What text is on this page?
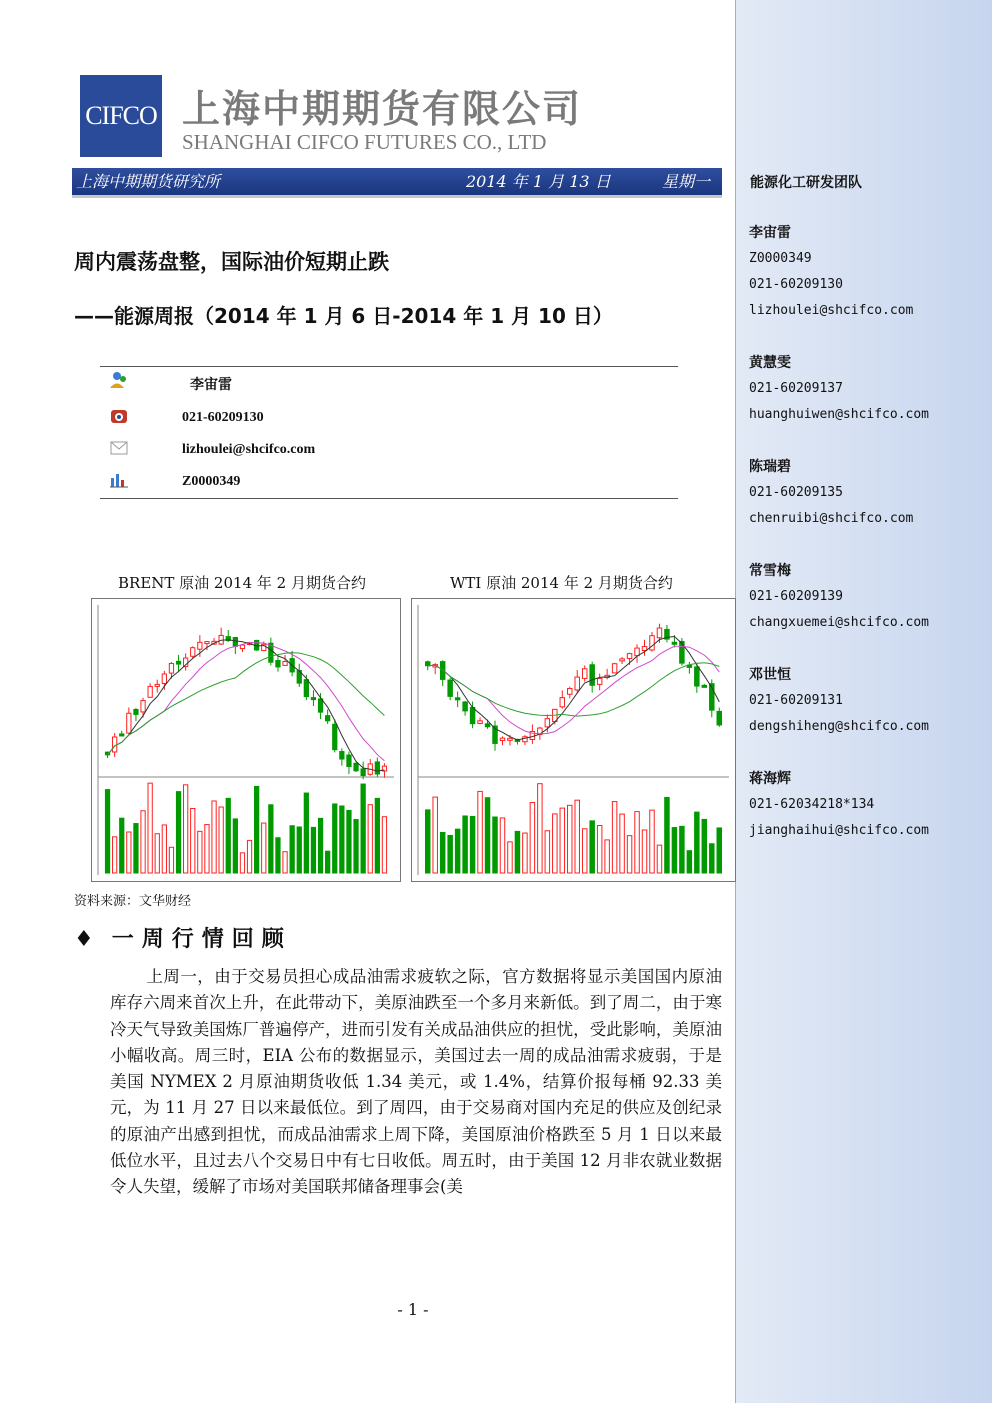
能源化工研发团队
李宙雷
Z0000349
021-60209130
lizhoulei@shcifco.com
黄慧雯
021-60209137
huanghuiwen@shcifco.com
陈瑞碧
021-60209135
chenruibi@shcifco.com
常雪梅
021-60209139
changxuemei@shcifco.com
邓世恒
021-60209131
dengshiheng@shcifco.com
蒋海辉
021-62034218*134
jianghaihui@shcifco.com
CIFCO 上海中期期货有限公司
SHANGHAI CIFCO FUTURES CO., LTD
上海中期期货研究所	2014 年 1 月 13 日	星期一
周内震荡盘整，国际油价短期止跌
——能源周报（2014 年 1 月 6 日-2014 年 1 月 10 日）
李宙雷
021-60209130
lizhoulei@shcifco.com
Z0000349
BRENT 原油 2014 年 2 月期货合约	WTI 原油 2014 年 2 月期货合约
资料来源：文华财经
♦ 一周行情回顾
上周一，由于交易员担心成品油需求疲软之际，官方数据将显示美国国内原油库存六周来首次上升，在此带动下，美原油跌至一个多月来新低。到了周二，由于寒冷天气导致美国炼厂普遍停产，进而引发有关成品油供应的担忧，受此影响，美原油小幅收高。周三时，EIA 公布的数据显示，美国过去一周的成品油需求疲弱，于是美国 NYMEX 2 月原油期货收低 1.34 美元，或 1.4%，结算价报每桶 92.33 美元，为 11 月 27 日以来最低位。到了周四，由于交易商对国内充足的供应及创纪录的原油产出感到担忧，而成品油需求上周下降，美国原油价格跌至 5 月 1 日以来最低位水平，且过去八个交易日中有七日收低。周五时，由于美国 12 月非农就业数据令人失望，缓解了市场对美国联邦储备理事会(美
- 1 -
